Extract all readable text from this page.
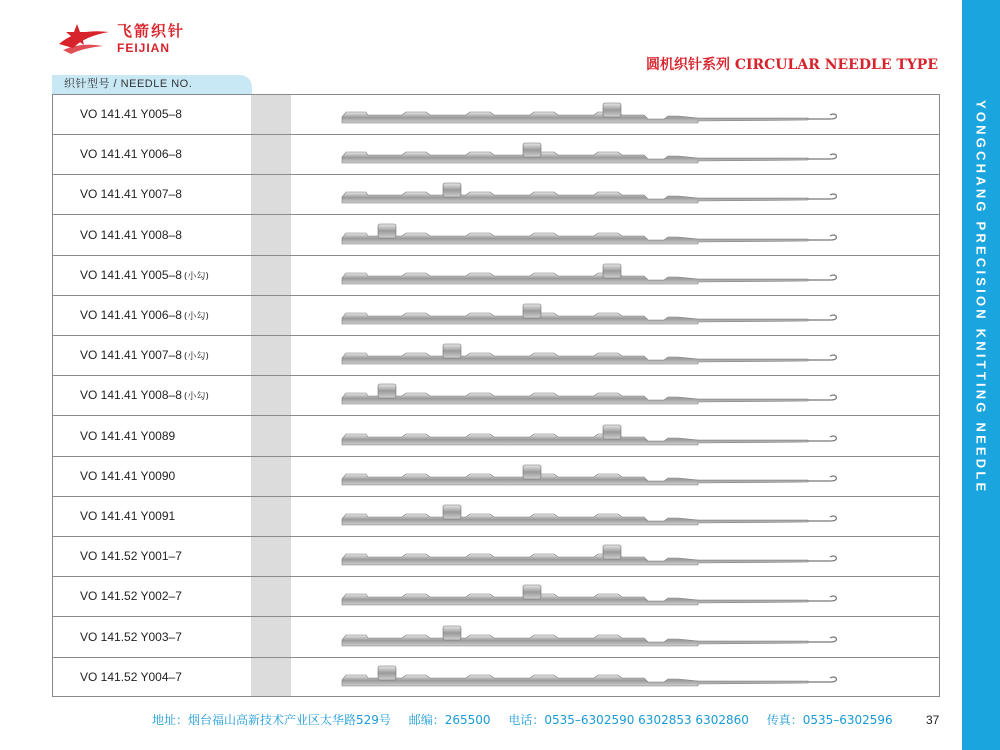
飞箭织针
FEIJIAN
圆机织针系列 CIRCULAR NEEDLE TYPE
织针型号 / NEEDLE NO.
VO 141.41 Y005–8
VO 141.41 Y006–8
VO 141.41 Y007–8
VO 141.41 Y008–8
VO 141.41 Y005–8 (小勾)
VO 141.41 Y006–8 (小勾)
VO 141.41 Y007–8 (小勾)
VO 141.41 Y008–8 (小勾)
VO 141.41 Y0089
VO 141.41 Y0090
VO 141.41 Y0091
VO 141.52 Y001–7
VO 141.52 Y002–7
VO 141.52 Y003–7
VO 141.52 Y004–7
YONGCHANG PRECISION KNITTING NEEDLE
地址：烟台福山高新技术产业区太华路529号 邮编：265500 电话：0535–6302590 6302853 6302860 传真：0535–6302596	37
